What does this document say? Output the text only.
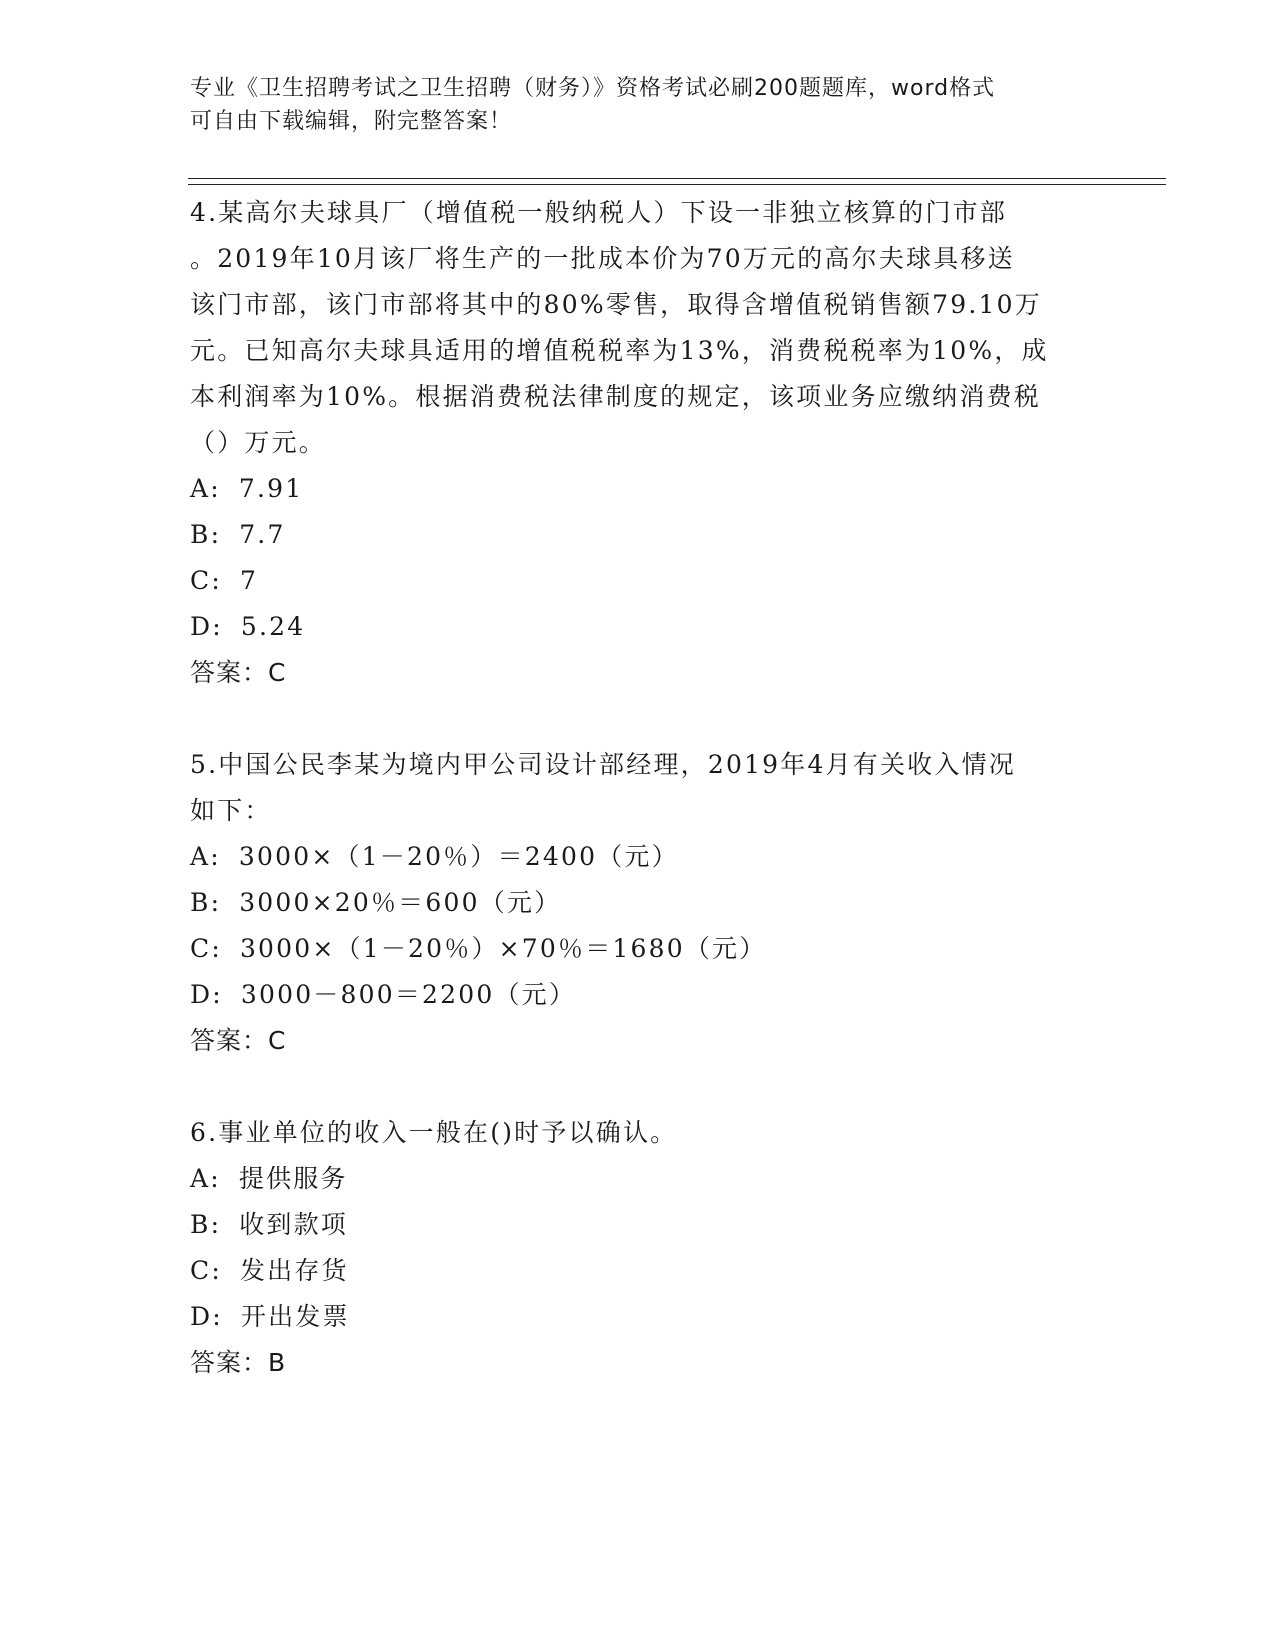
专业《卫生招聘考试之卫生招聘（财务）》资格考试必刷200题题库，word格式
可自由下载编辑，附完整答案！
4.某高尔夫球具厂（增值税一般纳税人）下设一非独立核算的门市部
。2019年10月该厂将生产的一批成本价为70万元的高尔夫球具移送
该门市部，该门市部将其中的80%零售，取得含增值税销售额79.10万
元。已知高尔夫球具适用的增值税税率为13%，消费税税率为10%，成
本利润率为10%。根据消费税法律制度的规定，该项业务应缴纳消费税
（）万元。
A: 7.91
B: 7.7
C: 7
D: 5.24
答案：C
5.中国公民李某为境内甲公司设计部经理，2019年4月有关收入情况
如下：
A: 3000×（1－20％）＝2400（元）
B: 3000×20％＝600（元）
C: 3000×（1－20％）×70％＝1680（元）
D: 3000－800＝2200（元）
答案：C
6.事业单位的收入一般在()时予以确认。
A: 提供服务
B: 收到款项
C: 发出存货
D: 开出发票
答案：B
